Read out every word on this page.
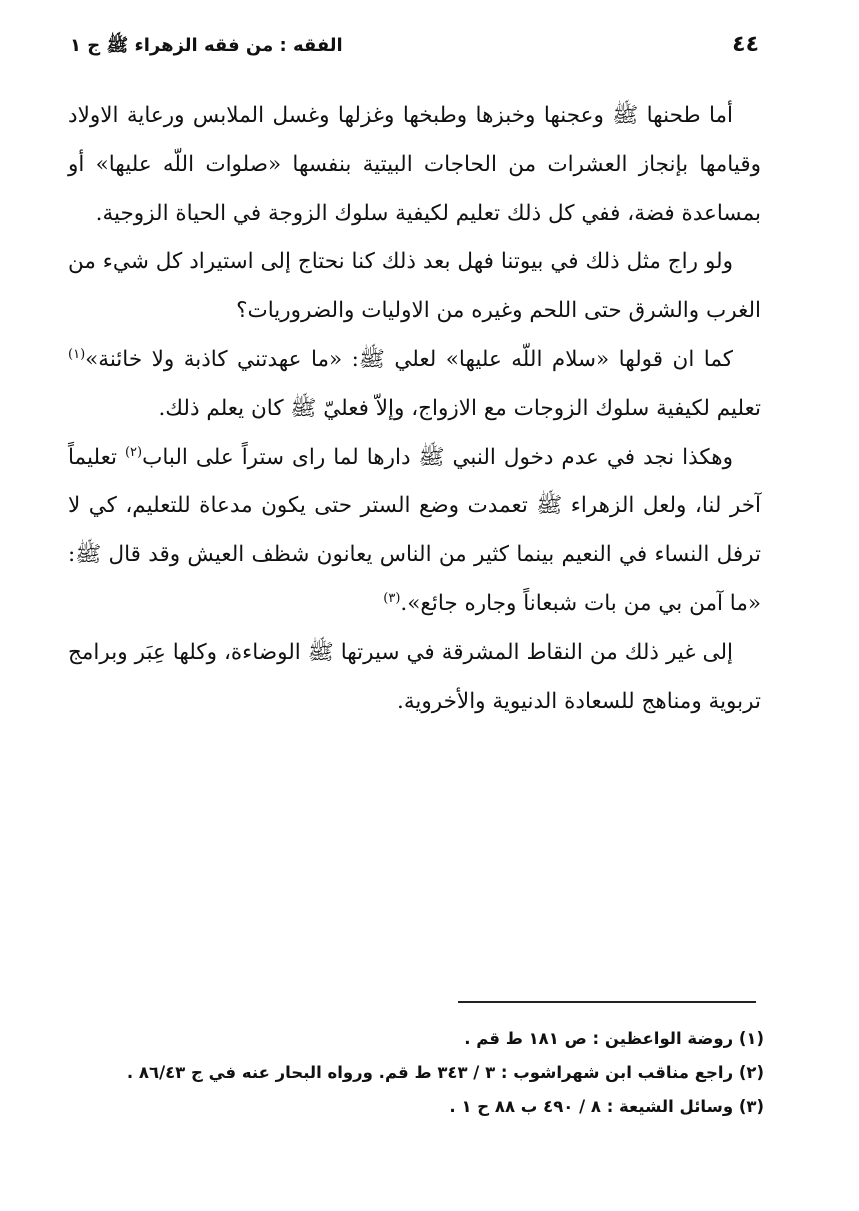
٤٤
الفقه : من فقه الزهراء ﷺ ج ١

أما طحنها ﷺ وعجنها وخبزها وطبخها وغزلها وغسل الملابس ورعاية الاولاد وقيامها بإنجاز العشرات من الحاجات البيتية بنفسها «صلوات اللّه عليها» أو بمساعدة فضة، ففي كل ذلك تعليم لكيفية سلوك الزوجة في الحياة الزوجية.

ولو راج مثل ذلك في بيوتنا فهل بعد ذلك كنا نحتاج إلى استيراد كل شيء من الغرب والشرق حتى اللحم وغيره من الاوليات والضروريات؟

كما ان قولها «سلام اللّه عليها» لعلي ﷺ: «ما عهدتني كاذبة ولا خائنة»$^{(١)}$ تعليم لكيفية سلوك الزوجات مع الازواج، وإلاّ فعليّ ﷺ كان يعلم ذلك.

وهكذا نجد في عدم دخول النبي ﷺ دارها لما راى ستراً على الباب$^{(٢)}$ تعليماً آخر لنا، ولعل الزهراء ﷺ تعمدت وضع الستر حتى يكون مدعاة للتعليم، كي لا ترفل النساء في النعيم بينما كثير من الناس يعانون شظف العيش وقد قال ﷺ: «ما آمن بي من بات شبعاناً وجاره جائع».$^{(٣)}$

إلى غير ذلك من النقاط المشرقة في سيرتها ﷺ الوضاءة، وكلها عِبَر وبرامج تربوية ومناهج للسعادة الدنيوية والأخروية.

(١) روضة الواعظين : ص ١٨١ ط قم .
(٢) راجع مناقب ابن شهراشوب : ٣ / ٣٤٣ ط قم. ورواه البحار عنه في ج ٨٦/٤٣ .
(٣) وسائل الشيعة : ٨ / ٤٩٠ ب ٨٨ ح ١ .
